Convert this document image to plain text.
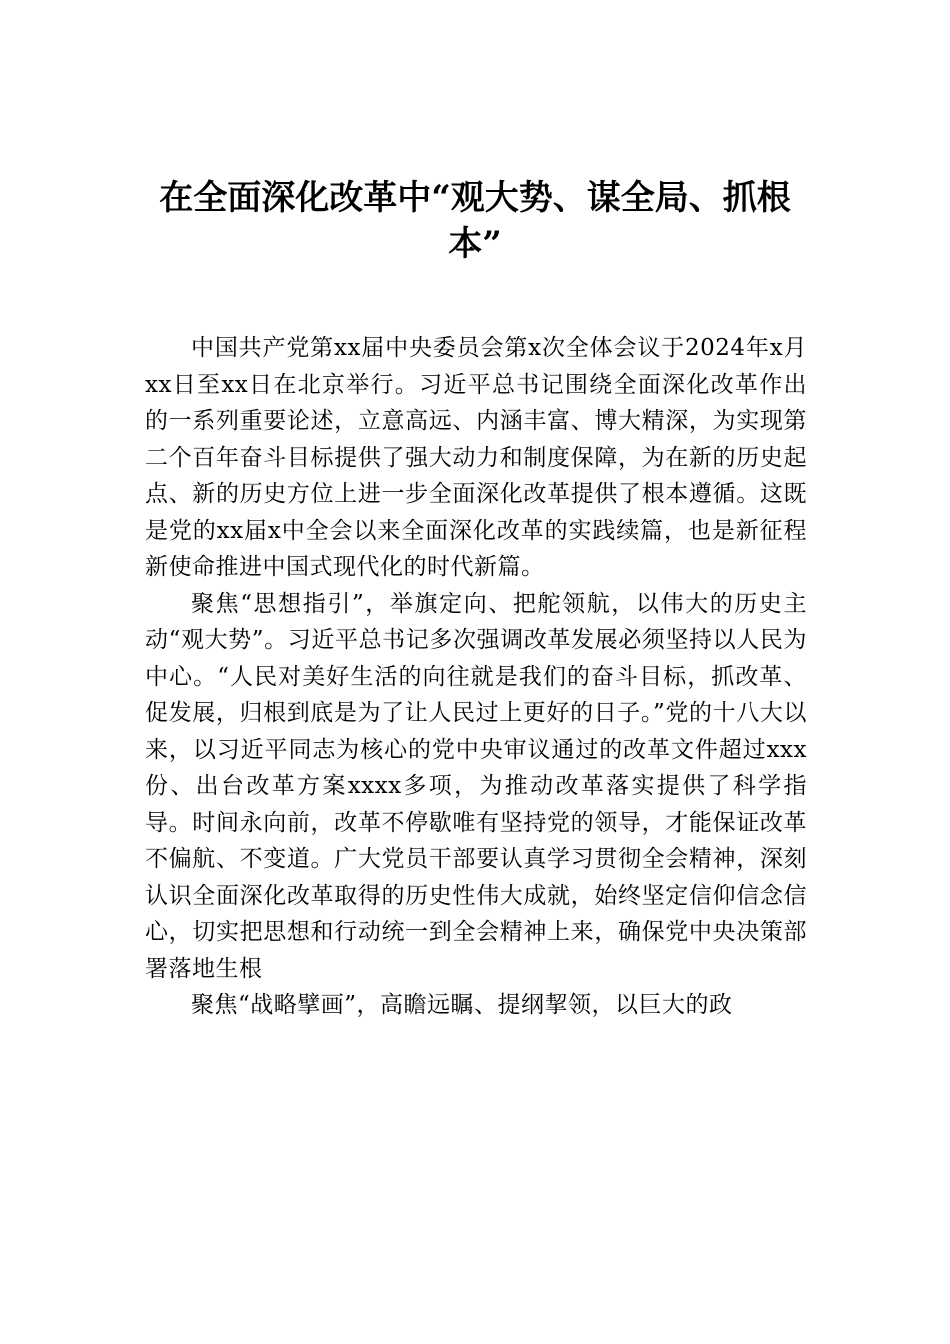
在全面深化改革中“观大势、谋全局、抓根本”

中国共产党第xx届中央委员会第x次全体会议于2024年x月xx日至xx日在北京举行。习近平总书记围绕全面深化改革作出的一系列重要论述，立意高远、内涵丰富、博大精深，为实现第二个百年奋斗目标提供了强大动力和制度保障，为在新的历史起点、新的历史方位上进一步全面深化改革提供了根本遵循。这既是党的xx届x中全会以来全面深化改革的实践续篇，也是新征程新使命推进中国式现代化的时代新篇。

聚焦“思想指引”，举旗定向、把舵领航，以伟大的历史主动“观大势”。习近平总书记多次强调改革发展必须坚持以人民为中心。“人民对美好生活的向往就是我们的奋斗目标，抓改革、促发展，归根到底是为了让人民过上更好的日子。”党的十八大以来，以习近平同志为核心的党中央审议通过的改革文件超过xxx份、出台改革方案xxxx多项，为推动改革落实提供了科学指导。时间永向前，改革不停歇唯有坚持党的领导，才能保证改革不偏航、不变道。广大党员干部要认真学习贯彻全会精神，深刻认识全面深化改革取得的历史性伟大成就，始终坚定信仰信念信心，切实把思想和行动统一到全会精神上来，确保党中央决策部署落地生根

聚焦“战略擘画”，高瞻远瞩、提纲挈领，以巨大的政
